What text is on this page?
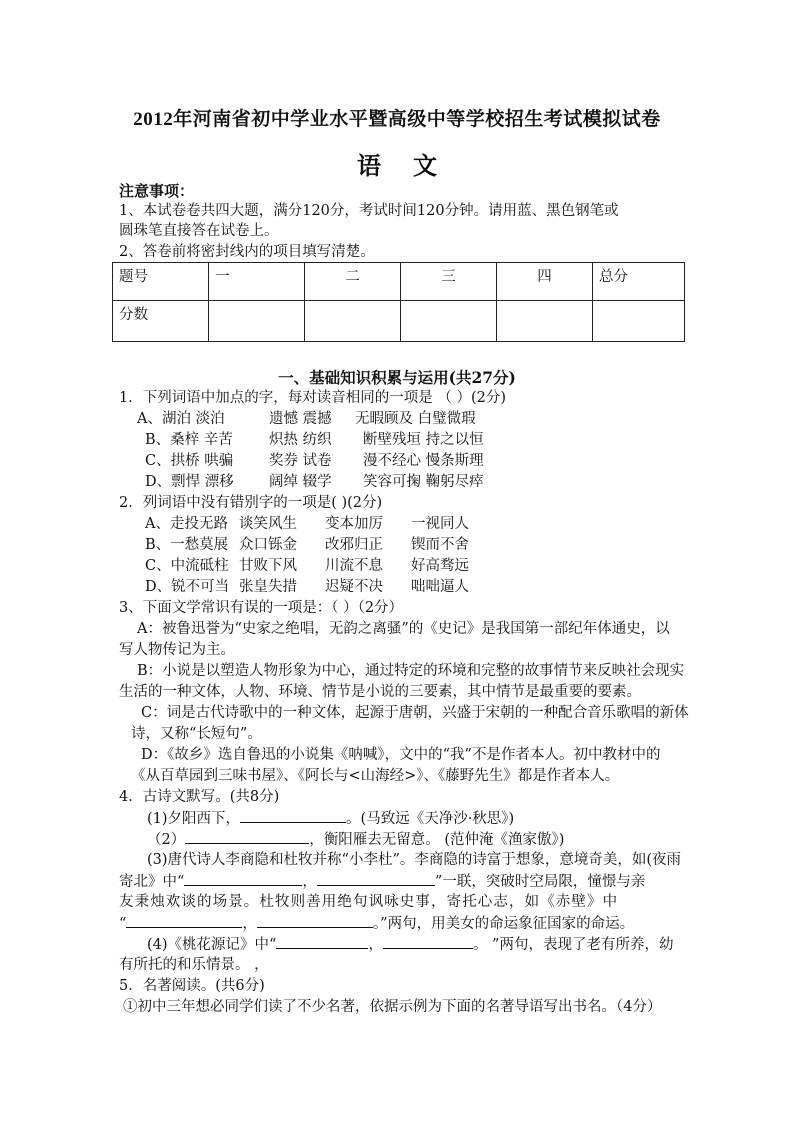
2012年河南省初中学业水平暨高级中等学校招生考试模拟试卷
语 文
注意事项：
1、本试卷卷共四大题，满分120分，考试时间120分钟。请用蓝、黑色钢笔或
圆珠笔直接答在试卷上。
2、答卷前将密封线内的项目填写清楚。
题号	一	二	三	四	总分
分数					
一、基础知识积累与运用(共27分)
1．下列词语中加点的字，每对读音相同的一项是 （ ）(2分)
A、湖泊 淡泊	遗憾 震撼 无暇顾及 白璧微瑕
B、桑梓 辛苦 炽热 纺织 断壁残垣 持之以恒
C、拱桥 哄骗 奖券 试卷 漫不经心 慢条斯理
D、剽悍 漂移 阔绰 辍学 笑容可掬 鞠躬尽瘁
2．列词语中没有错别字的一项是( )(2分)
A、走投无路 谈笑风生 变本加厉 一视同人
B、一愁莫展 众口铄金 改邪归正 锲而不舍
C、中流砥柱 甘败下风 川流不息 好高骛远
D、锐不可当 张皇失措 迟疑不决 咄咄逼人
3、下面文学常识有误的一项是：（ ）（2分）
A：被鲁迅誉为“史家之绝唱，无韵之离骚”的《史记》是我国第一部纪年体通史，以
写人物传记为主。
B：小说是以塑造人物形象为中心，通过特定的环境和完整的故事情节来反映社会现实
生活的一种文体，人物、环境、情节是小说的三要素，其中情节是最重要的要素。
C：词是古代诗歌中的一种文体，起源于唐朝，兴盛于宋朝的一种配合音乐歌唱的新体
诗，又称“长短句”。
D：《故乡》选自鲁迅的小说集《呐喊》，文中的“我”不是作者本人。初中教材中的
《从百草园到三味书屋》、《阿长与<山海经>》、《藤野先生》都是作者本人。
4．古诗文默写。(共8分)
(1)夕阳西下，	。(马致远《天净沙·秋思》)
（2）	，衡阳雁去无留意。 (范仲淹《渔家傲》)
(3)唐代诗人李商隐和杜牧并称“小李杜”。李商隐的诗富于想象，意境奇美，如(夜雨
寄北》中“	，	”一联，突破时空局限，憧憬与亲
友秉烛欢谈的场景。杜牧则善用绝句讽咏史事，寄托心志，如《赤壁》中
“	，	。”两句，用美女的命运象征国家的命运。
(4)《桃花源记》中“	，	。 ”两句，表现了老有所养，幼
有所托的和乐情景。 ，
5．名著阅读。(共6分)
①初中三年想必同学们读了不少名著，依据示例为下面的名著导语写出书名。（4分）
